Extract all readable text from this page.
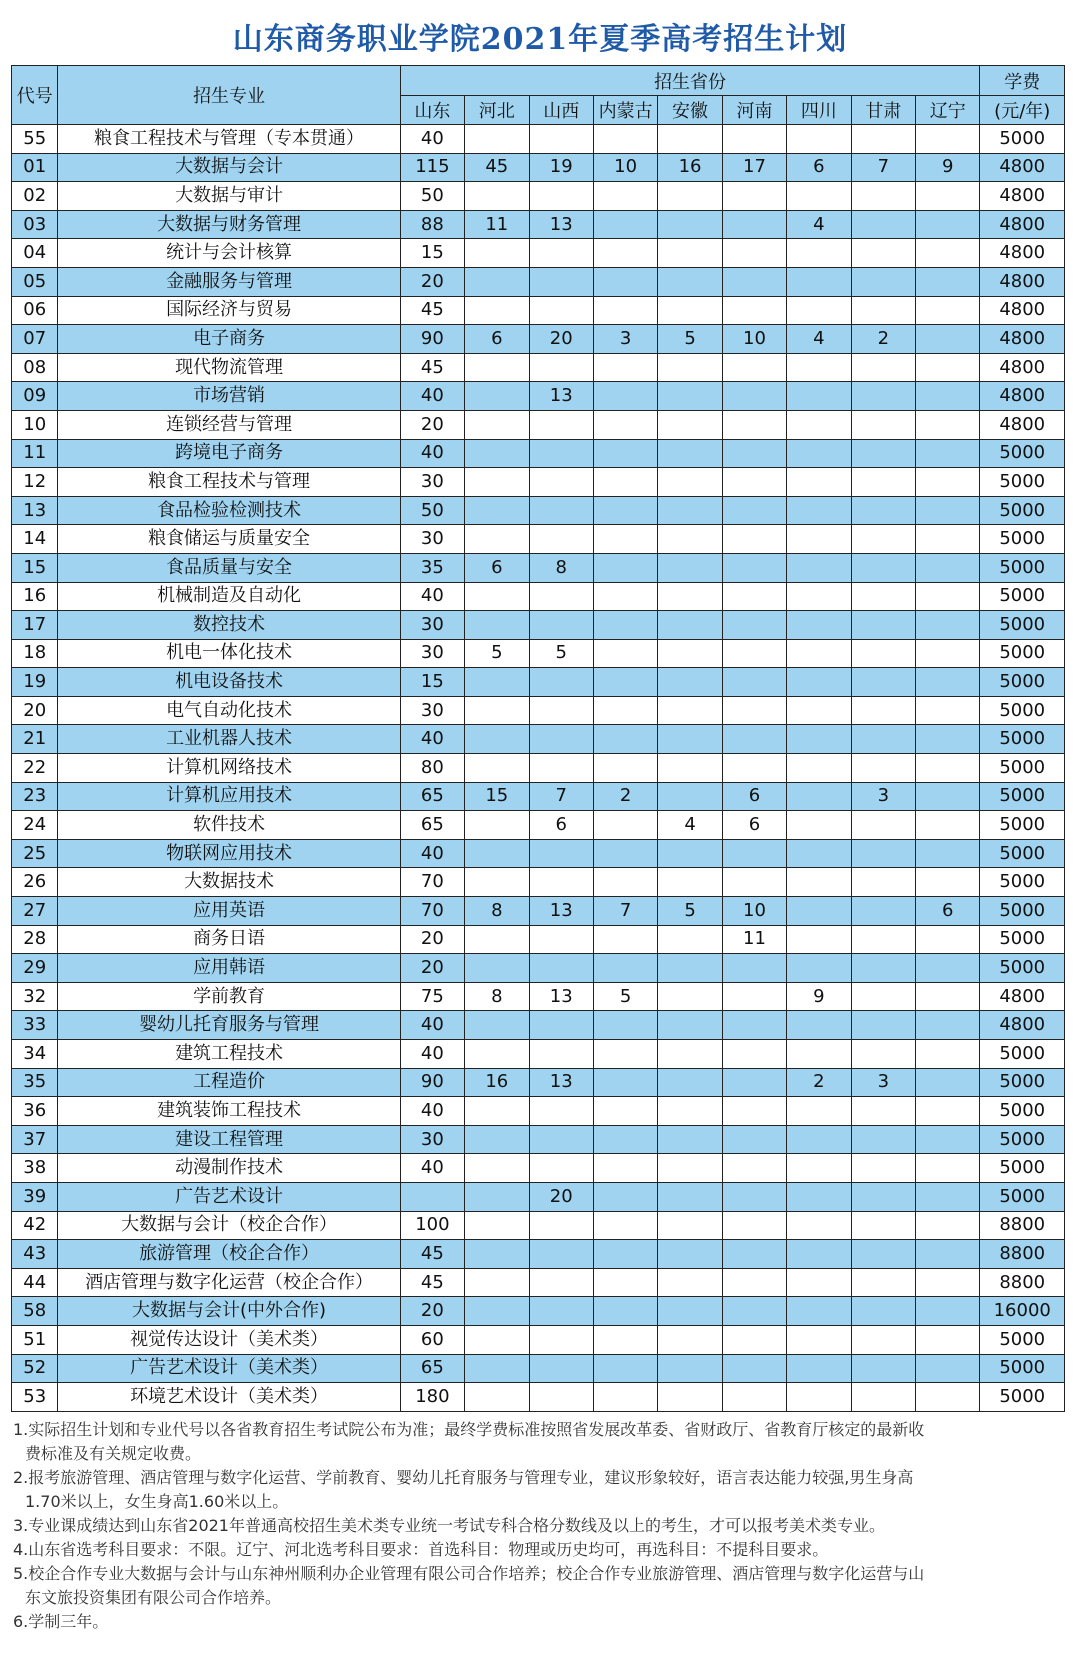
山东商务职业学院2021年夏季高考招生计划
代号	招生专业	招生省份									学费
		山东	河北	山西	内蒙古	安徽	河南	四川	甘肃	辽宁	(元/年)
55	粮食工程技术与管理（专本贯通）	40									5000
01	大数据与会计	115	45	19	10	16	17	6	7	9	4800
02	大数据与审计	50									4800
03	大数据与财务管理	88	11	13				4			4800
04	统计与会计核算	15									4800
05	金融服务与管理	20									4800
06	国际经济与贸易	45									4800
07	电子商务	90	6	20	3	5	10	4	2		4800
08	现代物流管理	45									4800
09	市场营销	40		13							4800
10	连锁经营与管理	20									4800
11	跨境电子商务	40									5000
12	粮食工程技术与管理	30									5000
13	食品检验检测技术	50									5000
14	粮食储运与质量安全	30									5000
15	食品质量与安全	35	6	8							5000
16	机械制造及自动化	40									5000
17	数控技术	30									5000
18	机电一体化技术	30	5	5							5000
19	机电设备技术	15									5000
20	电气自动化技术	30									5000
21	工业机器人技术	40									5000
22	计算机网络技术	80									5000
23	计算机应用技术	65	15	7	2		6		3		5000
24	软件技术	65		6		4	6				5000
25	物联网应用技术	40									5000
26	大数据技术	70									5000
27	应用英语	70	8	13	7	5	10			6	5000
28	商务日语	20					11				5000
29	应用韩语	20									5000
32	学前教育	75	8	13	5			9			4800
33	婴幼儿托育服务与管理	40									4800
34	建筑工程技术	40									5000
35	工程造价	90	16	13				2	3		5000
36	建筑装饰工程技术	40									5000
37	建设工程管理	30									5000
38	动漫制作技术	40									5000
39	广告艺术设计			20							5000
42	大数据与会计（校企合作）	100									8800
43	旅游管理（校企合作）	45									8800
44	酒店管理与数字化运营（校企合作）	45									8800
58	大数据与会计(中外合作)	20									16000
51	视觉传达设计（美术类）	60									5000
52	广告艺术设计（美术类）	65									5000
53	环境艺术设计（美术类）	180									5000

1.实际招生计划和专业代号以各省教育招生考试院公布为准；最终学费标准按照省发展改革委、省财政厅、省教育厅核定的最新收

费标准及有关规定收费。

2.报考旅游管理、酒店管理与数字化运营、学前教育、婴幼儿托育服务与管理专业，建议形象较好，语言表达能力较强,男生身高

1.70米以上，女生身高1.60米以上。

3.专业课成绩达到山东省2021年普通高校招生美术类专业统一考试专科合格分数线及以上的考生，才可以报考美术类专业。

4.山东省选考科目要求：不限。辽宁、河北选考科目要求：首选科目：物理或历史均可，再选科目：不提科目要求。

5.校企合作专业大数据与会计与山东神州顺利办企业管理有限公司合作培养；校企合作专业旅游管理、酒店管理与数字化运营与山

东文旅投资集团有限公司合作培养。

6.学制三年。
